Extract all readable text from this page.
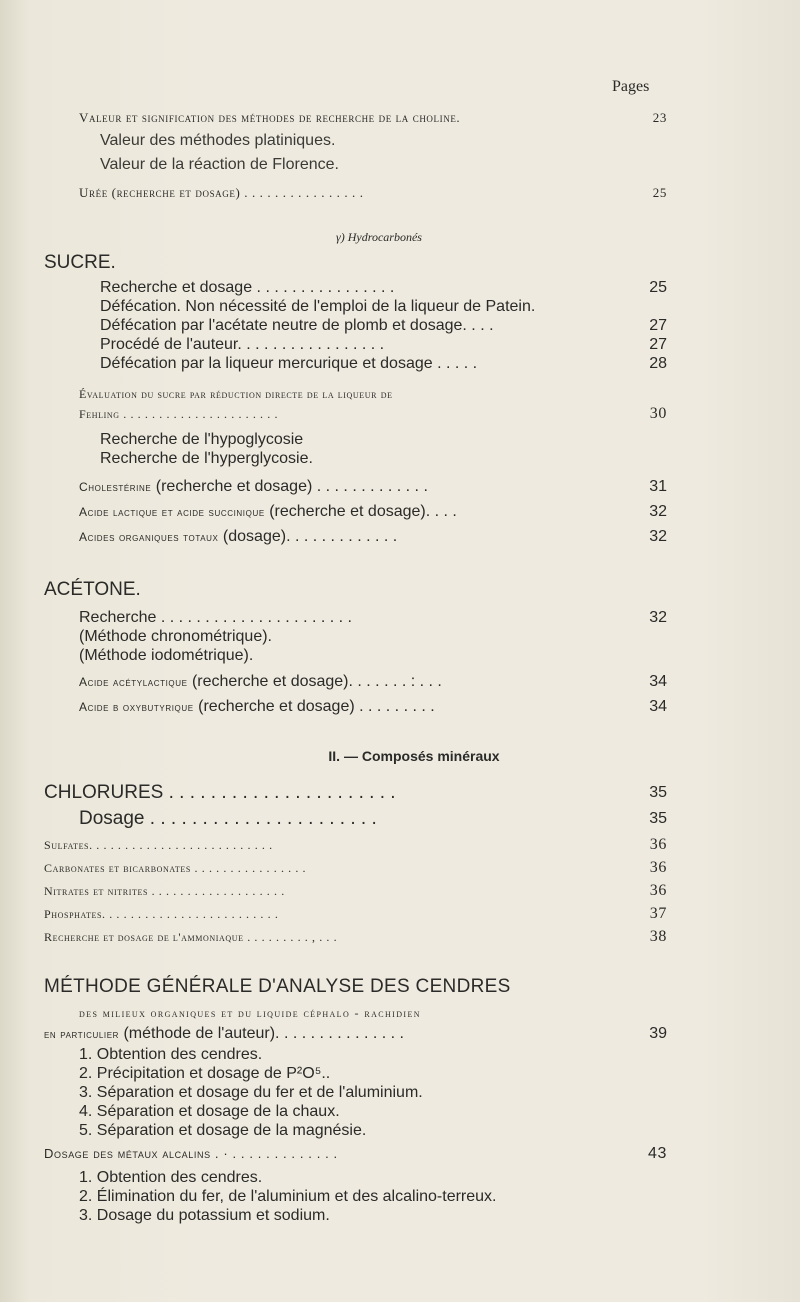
Pages
Valeur et signification des méthodes de recherche de la choline.	23
Valeur des méthodes platiniques.
Valeur de la réaction de Florence.
Urée (recherche et dosage) . . . . . . . . . . . . . . . .	25
γ) Hydrocarbonés
SUCRE.
Recherche et dosage . . . . . . . . . . . . . . . .	25
Défécation. Non nécessité de l'emploi de la liqueur de Patein.
Défécation par l'acétate neutre de plomb et dosage. . . .	27
Procédé de l'auteur. . . . . . . . . . . . . . . . .	27
Défécation par la liqueur mercurique et dosage . . . . .	28
Évaluation du sucre par réduction directe de la liqueur de
Fehling . . . . . . . . . . . . . . . . . . . . . .	30
Recherche de l'hypoglycosie
Recherche de l'hyperglycosie.
Cholestérine (recherche et dosage) . . . . . . . . . . . . .	31
Acide lactique et acide succinique (recherche et dosage). . . .	32
Acides organiques totaux (dosage). . . . . . . . . . . . .	32
ACÉTONE.
Recherche . . . . . . . . . . . . . . . . . . . . . .	32
(Méthode chronométrique).
(Méthode iodométrique).
Acide acétylactique (recherche et dosage). . . . . . . : . . .	34
Acide β oxybutyrique (recherche et dosage) . . . . . . . . .	34
II. — Composés minéraux
CHLORURES . . . . . . . . . . . . . . . . . . . . . .	35
Dosage . . . . . . . . . . . . . . . . . . . . . .	35
Sulfates. . . . . . . . . . . . . . . . . . . . . . . . . .	36
Carbonates et bicarbonates . . . . . . . . . . . . . . . .	36
Nitrates et nitrites . . . . . . . . . . . . . . . . . . .	36
Phosphates. . . . . . . . . . . . . . . . . . . . . . . . .	37
Recherche et dosage de l'ammoniaque . . . . . . . . . , . . .	38
MÉTHODE GÉNÉRALE D'ANALYSE DES CENDRES
des milieux organiques et du liquide céphalo - rachidien
en particulier (méthode de l'auteur). . . . . . . . . . . . . . .	39
1. Obtention des cendres.
2. Précipitation et dosage de P²O⁵..
3. Séparation et dosage du fer et de l'aluminium.
4. Séparation et dosage de la chaux.
5. Séparation et dosage de la magnésie.
Dosage des métaux alcalins . · . . . . . . . . . . . . .	43
1. Obtention des cendres.
2. Élimination du fer, de l'aluminium et des alcalino-terreux.
3. Dosage du potassium et sodium.
